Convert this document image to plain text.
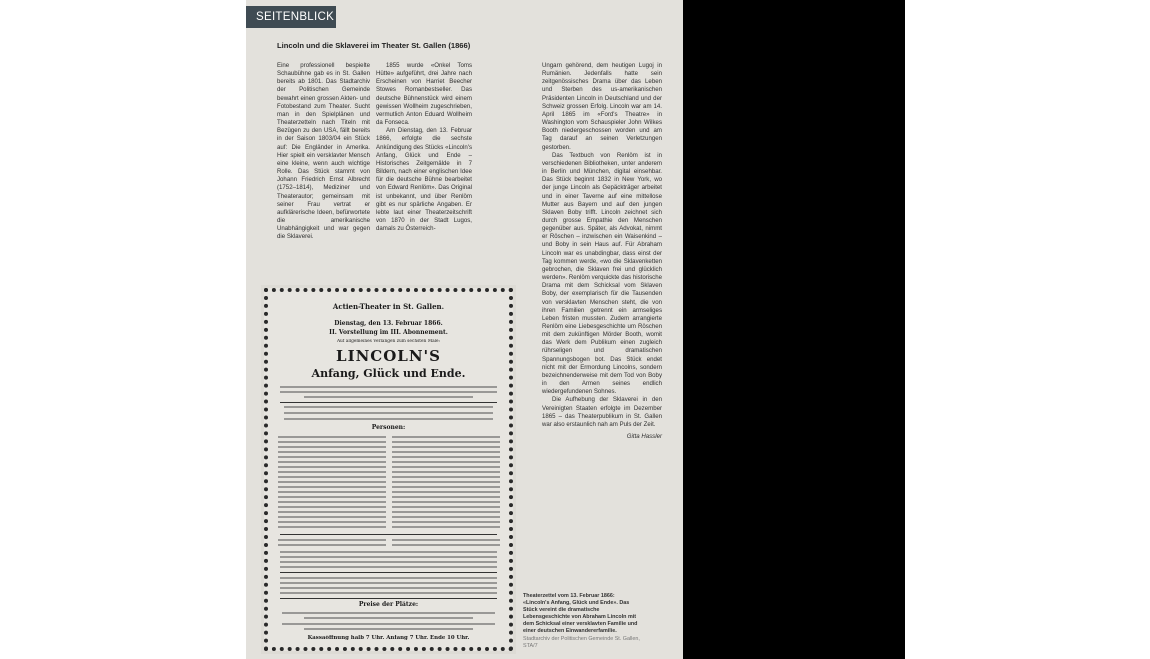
SEITENBLICK
Lincoln und die Sklaverei im Theater St. Gallen (1866)

Eine professionell bespielte Schaubühne gab es in St. Gallen bereits ab 1801. Das Stadtarchiv der Politischen Gemeinde bewahrt einen grossen Akten- und Fotobestand zum Theater. Sucht man in den Spielplänen und Theaterzetteln nach Titeln mit Bezügen zu den USA, fällt bereits in der Saison 1803/04 ein Stück auf: Die Engländer in Amerika. Hier spielt ein versklavter Mensch eine kleine, wenn auch wichtige Rolle. Das Stück stammt von Johann Friedrich Ernst Albrecht (1752–1814), Mediziner und Theaterautor; gemeinsam mit seiner Frau vertrat er aufklärerische Ideen, befürwortete die amerikanische Unabhängigkeit und war gegen die Sklaverei.

1855 wurde «Onkel Toms Hütte» aufgeführt, drei Jahre nach Erscheinen von Harriet Beecher Stowes Romanbestseller. Das deutsche Bühnenstück wird einem gewissen Wollheim zugeschrieben, vermutlich Anton Eduard Wollheim da Fonseca.

Am Dienstag, den 13. Februar 1866, erfolgte die sechste Ankündigung des Stücks «Lincoln's Anfang, Glück und Ende – Historisches Zeitgemälde in 7 Bildern, nach einer englischen Idee für die deutsche Bühne bearbeitet von Edward Renlöm». Das Original ist unbekannt, und über Renlöm gibt es nur spärliche Angaben. Er lebte laut einer Theaterzeitschrift von 1870 in der Stadt Lugos, damals zu Österreich-

Ungarn gehörend, dem heutigen Lugoj in Rumänien. Jedenfalls hatte sein zeitgenössisches Drama über das Leben und Sterben des us-amerikanischen Präsidenten Lincoln in Deutschland und der Schweiz grossen Erfolg. Lincoln war am 14. April 1865 im «Ford's Theatre» in Washington vom Schauspieler John Wilkes Booth niedergeschossen worden und am Tag darauf an seinen Verletzungen gestorben.

Das Textbuch von Renlöm ist in verschiedenen Bibliotheken, unter anderem in Berlin und München, digital einsehbar. Das Stück beginnt 1832 in New York, wo der junge Lincoln als Gepäckträger arbeitet und in einer Taverne auf eine mittellose Mutter aus Bayern und auf den jungen Sklaven Boby trifft. Lincoln zeichnet sich durch grosse Empathie den Menschen gegenüber aus. Später, als Advokat, nimmt er Röschen – inzwischen ein Waisenkind – und Boby in sein Haus auf. Für Abraham Lincoln war es unabdingbar, dass einst der Tag kommen werde, «wo die Sklavenketten gebrochen, die Sklaven frei und glücklich werden». Renlöm verquickte das historische Drama mit dem Schicksal vom Sklaven Boby, der exemplarisch für die Tausenden von versklavten Menschen steht, die von ihren Familien getrennt ein armseliges Leben fristen mussten. Zudem arrangierte Renlöm eine Liebesgeschichte um Röschen mit dem zukünftigen Mörder Booth, womit das Werk dem Publikum einen zugleich rührseligen und dramatischen Spannungsbogen bot. Das Stück endet nicht mit der Ermordung Lincolns, sondern bezeichnenderweise mit dem Tod von Boby in den Armen seines endlich wiedergefundenen Sohnes.

Die Aufhebung der Sklaverei in den Vereinigten Staaten erfolgte im Dezember 1865 – das Theaterpublikum in St. Gallen war also erstaunlich nah am Puls der Zeit.

Gitta Hassler

Actien-Theater in St. Gallen.
Dienstag, den 13. Februar 1866.
II. Vorstellung im III. Abonnement.
Auf allgemeines Verlangen zum sechsten Male:
LINCOLN'S
Anfang, Glück und Ende.
Personen:
Preise der Plätze:
Kassaöffnung halb 7 Uhr. Anfang 7 Uhr. Ende 10 Uhr.
Theaterzettel vom 13. Februar 1866: «Lincoln's Anfang, Glück und Ende». Das Stück vereint die dramatische Lebensgeschichte von Abraham Lincoln mit dem Schicksal einer versklavten Familie und einer deutschen Einwandererfamilie. Stadtarchiv der Politischen Gemeinde St. Gallen, STA/7
